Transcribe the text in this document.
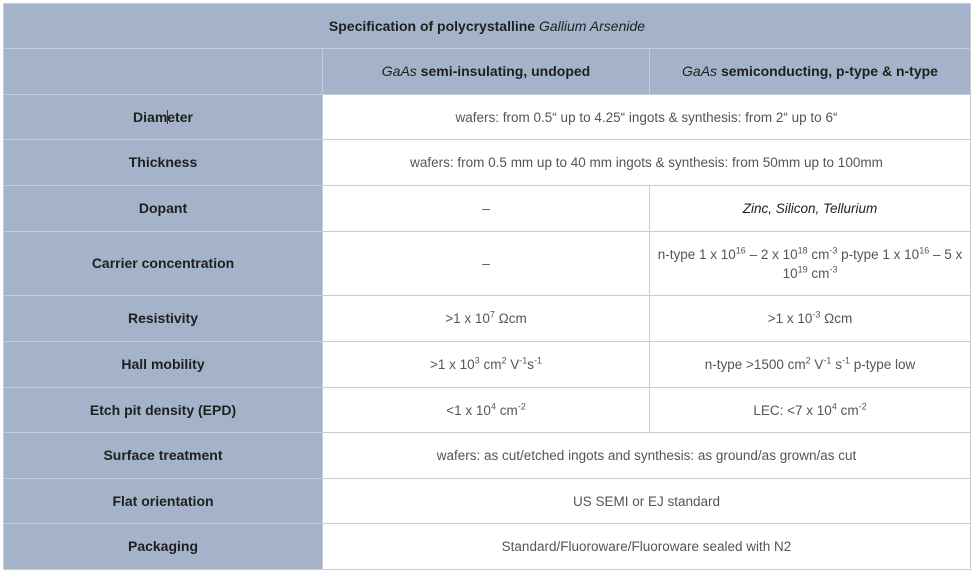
Specification of polycrystalline Gallium Arsenide		
	GaAs semi-insulating, undoped	GaAs semiconducting, p-type & n-type
Diameter	wafers: from 0.5“ up to 4.25“ ingots & synthesis: from 2“ up to 6“	
Thickness	wafers: from 0.5 mm up to 40 mm ingots & synthesis: from 50mm up to 100mm	
Dopant	–	Zinc, Silicon, Tellurium
Carrier concentration	–	n-type 1 x $10^{16} - 2$ x $10^{18}$ $cm^{-3}$ p-type 1 x $10^{16} - 5$ x $10^{19}$ $cm^{-3}$
Resistivity	>1 x $10^7$ Ωcm	>1 x $10^{-3}$ Ωcm
Hall mobility	>1 x $10^3$ $cm^2$ $V^{-1}s^{-1}$	n-type >1500 $cm^2$ $V^{-1}$ $s^{-1}$ p-type low
Etch pit density (EPD)	<1 x $10^4$ $cm^{-2}$	LEC: <7 x $10^4$ $cm^{-2}$
Surface treatment	wafers: as cut/etched ingots and synthesis: as ground/as grown/as cut	
Flat orientation	US SEMI or EJ standard	
Packaging	Standard/Fluoroware/Fluoroware sealed with N2	
